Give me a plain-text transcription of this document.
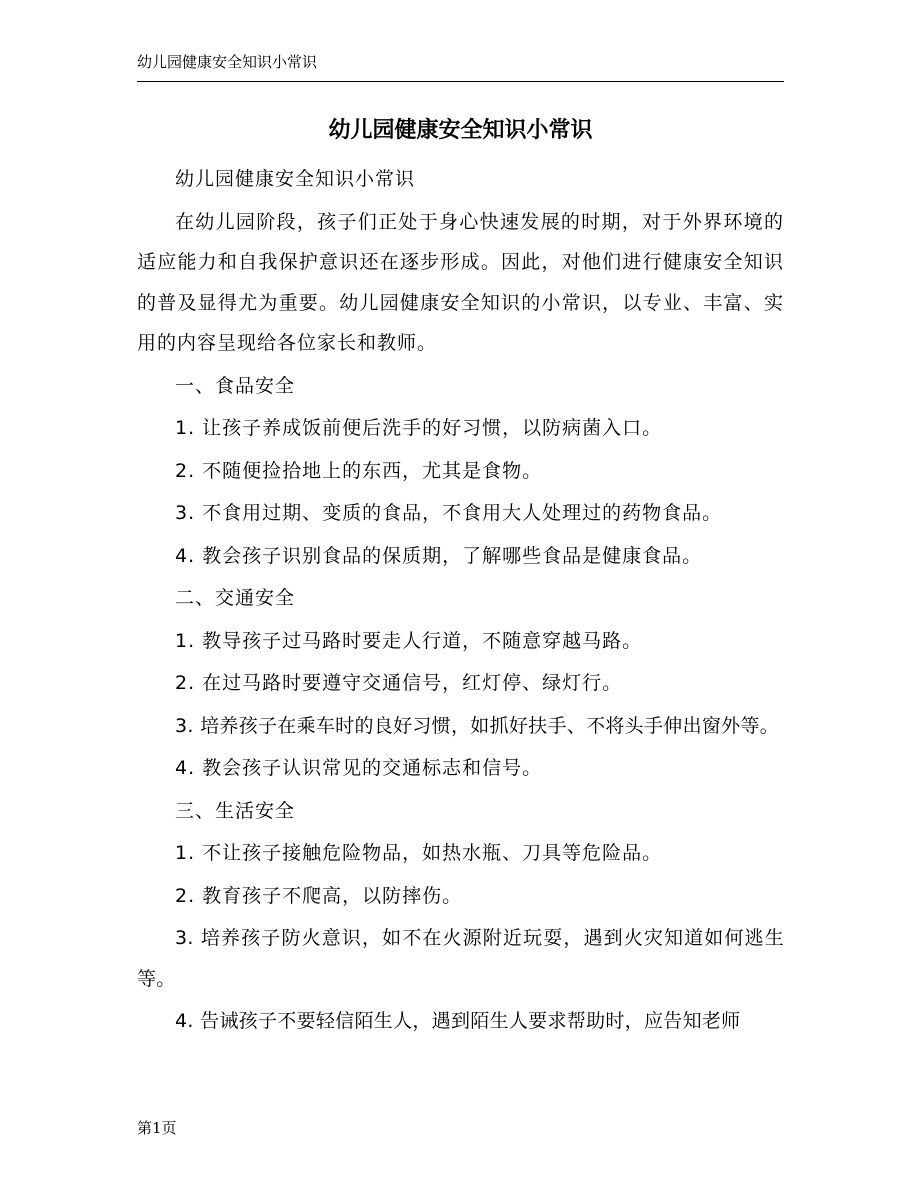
幼儿园健康安全知识小常识
幼儿园健康安全知识小常识

幼儿园健康安全知识小常识

在幼儿园阶段，孩子们正处于身心快速发展的时期，对于外界环境的适应能力和自我保护意识还在逐步形成。因此，对他们进行健康安全知识的普及显得尤为重要。幼儿园健康安全知识的小常识，以专业、丰富、实用的内容呈现给各位家长和教师。

一、食品安全

1. 让孩子养成饭前便后洗手的好习惯，以防病菌入口。

2. 不随便捡拾地上的东西，尤其是食物。

3. 不食用过期、变质的食品，不食用大人处理过的药物食品。

4. 教会孩子识别食品的保质期，了解哪些食品是健康食品。

二、交通安全

1. 教导孩子过马路时要走人行道，不随意穿越马路。

2. 在过马路时要遵守交通信号，红灯停、绿灯行。

3. 培养孩子在乘车时的良好习惯，如抓好扶手、不将头手伸出窗外等。

4. 教会孩子认识常见的交通标志和信号。

三、生活安全

1. 不让孩子接触危险物品，如热水瓶、刀具等危险品。

2. 教育孩子不爬高，以防摔伤。

3. 培养孩子防火意识，如不在火源附近玩耍，遇到火灾知道如何逃生等。

4. 告诫孩子不要轻信陌生人，遇到陌生人要求帮助时，应告知老师

第1页
